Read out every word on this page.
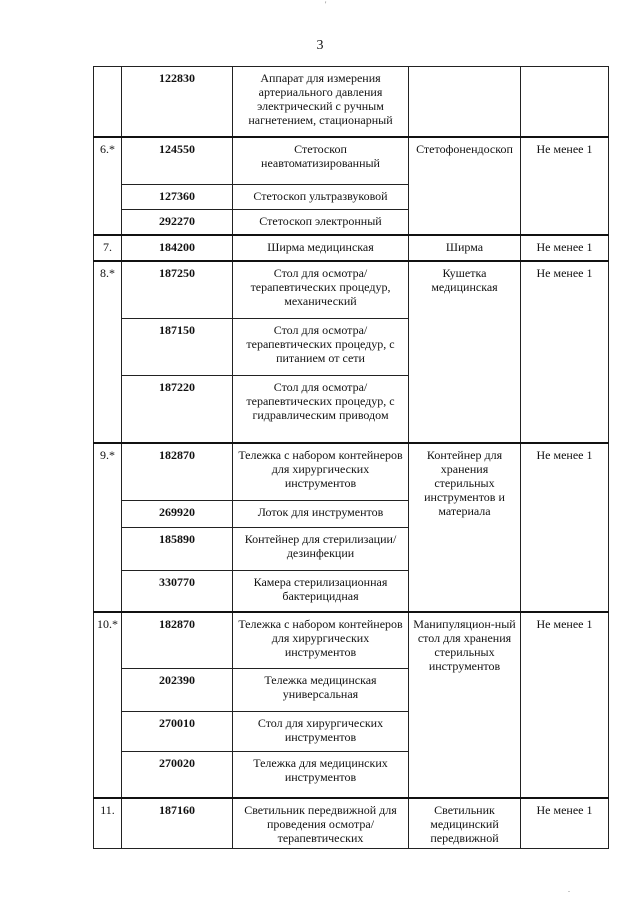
'
3
	122830	Аппарат для измерения артериального давления электрический с ручным нагнетением, стационарный		
6.*	124550	Стетоскоп неавтоматизированный	Стетофонендоскоп	Не менее 1
	127360	Стетоскоп ультразвуковой		
	292270	Стетоскоп электронный		
7.	184200	Ширма медицинская	Ширма	Не менее 1
8.*	187250	Стол для осмотра/терапевтических процедур, механический	Кушетка медицинская	Не менее 1
	187150	Стол для осмотра/терапевтических процедур, с питанием от сети		
	187220	Стол для осмотра/терапевтических процедур, с гидравлическим приводом		
9.*	182870	Тележка с набором контейнеров для хирургических инструментов	Контейнер для хранения стерильных инструментов и материала	Не менее 1
	269920	Лоток для инструментов		
	185890	Контейнер для стерилизации/дезинфекции		
	330770	Камера стерилизационная бактерицидная		
10.*	182870	Тележка с набором контейнеров для хирургических инструментов	Манипуляцион-ный стол для хранения стерильных инструментов	Не менее 1
	202390	Тележка медицинская универсальная		
	270010	Стол для хирургических инструментов		
	270020	Тележка для медицинских инструментов		
11.	187160	Светильник передвижной для проведения осмотра/терапевтических	Светильник медицинский передвижной	Не менее 1
.
